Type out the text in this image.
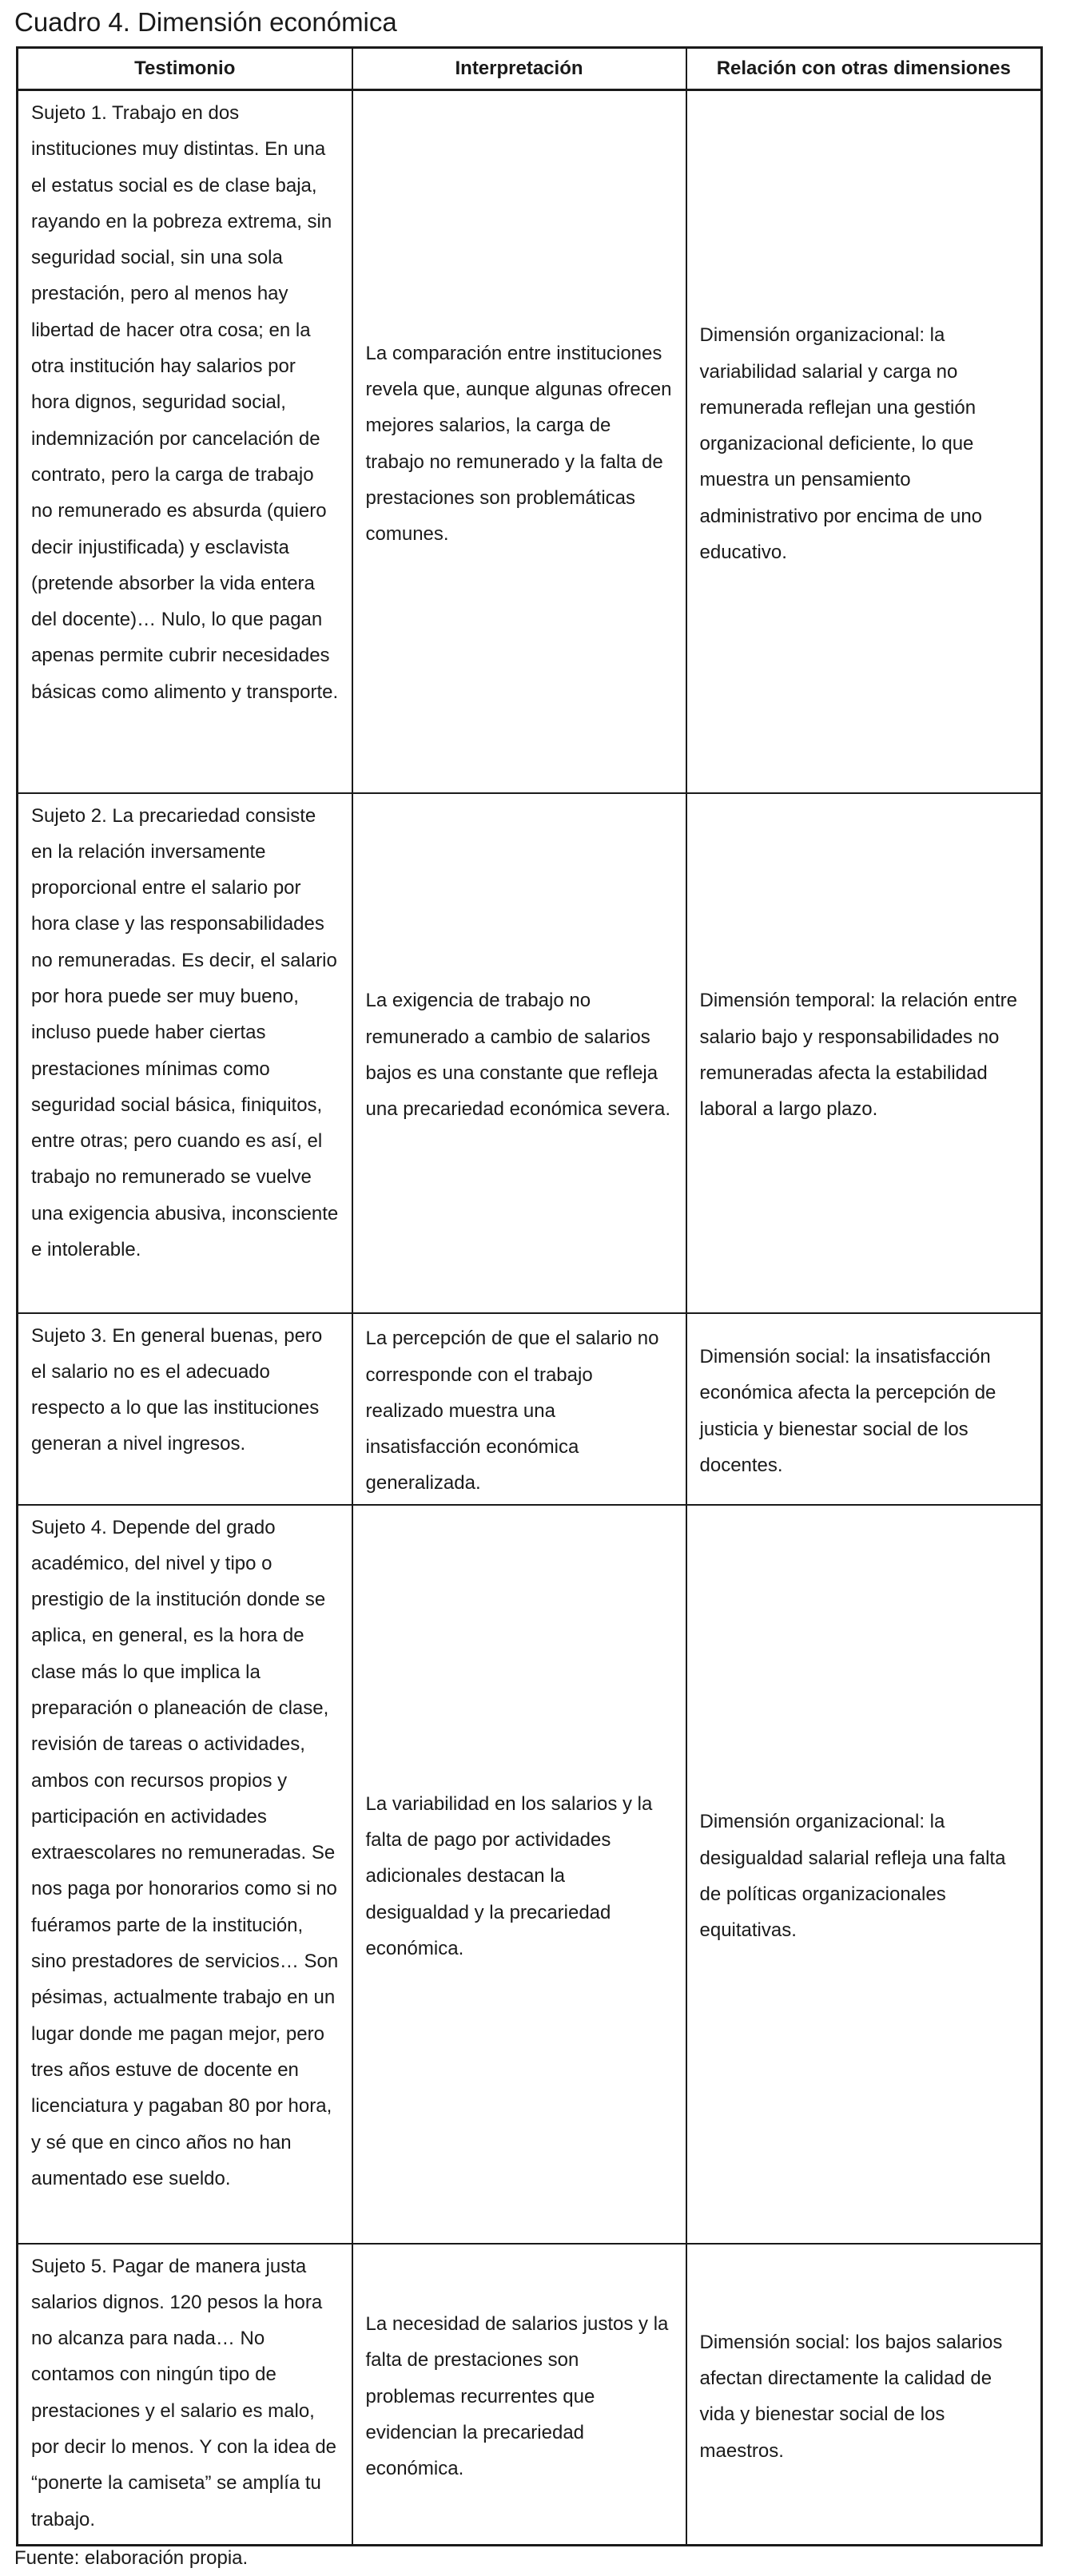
Cuadro 4. Dimensión económica
Testimonio	Interpretación	Relación con otras dimensiones
Sujeto 1. Trabajo en dos instituciones muy distintas. En una el estatus social es de clase baja, rayando en la pobreza extrema, sin seguridad social, sin una sola prestación, pero al menos hay libertad de hacer otra cosa; en la otra institución hay salarios por hora dignos, seguridad social, indemnización por cancelación de contrato, pero la carga de trabajo no remunerado es absurda (quiero decir injustificada) y esclavista (pretende absorber la vida entera del docente)… Nulo, lo que pagan apenas permite cubrir necesidades básicas como alimento y transporte.	La comparación entre instituciones revela que, aunque algunas ofrecen mejores salarios, la carga de trabajo no remunerado y la falta de prestaciones son problemáticas comunes.	Dimensión organizacional: la variabilidad salarial y carga no remunerada reflejan una gestión organizacional deficiente, lo que muestra un pensamiento administrativo por encima de uno educativo.
Sujeto 2. La precariedad consiste en la relación inversamente proporcional entre el salario por hora clase y las responsabilidades no remuneradas. Es decir, el salario por hora puede ser muy bueno, incluso puede haber ciertas prestaciones mínimas como seguridad social básica, finiquitos, entre otras; pero cuando es así, el trabajo no remunerado se vuelve una exigencia abusiva, inconsciente e intolerable.	La exigencia de trabajo no remunerado a cambio de salarios bajos es una constante que refleja una precariedad económica severa.	Dimensión temporal: la relación entre salario bajo y responsabilidades no remuneradas afecta la estabilidad laboral a largo plazo.
Sujeto 3. En general buenas, pero el salario no es el adecuado respecto a lo que las instituciones generan a nivel ingresos.	La percepción de que el salario no corresponde con el trabajo realizado muestra una insatisfacción económica generalizada.	Dimensión social: la insatisfacción económica afecta la percepción de justicia y bienestar social de los docentes.
Sujeto 4. Depende del grado académico, del nivel y tipo o prestigio de la institución donde se aplica, en general, es la hora de clase más lo que implica la preparación o planeación de clase, revisión de tareas o actividades, ambos con recursos propios y participación en actividades extraescolares no remuneradas. Se nos paga por honorarios como si no fuéramos parte de la institución, sino prestadores de servicios… Son pésimas, actualmente trabajo en un lugar donde me pagan mejor, pero tres años estuve de docente en licenciatura y pagaban 80 por hora, y sé que en cinco años no han aumentado ese sueldo.	La variabilidad en los salarios y la falta de pago por actividades adicionales destacan la desigualdad y la precariedad económica.	Dimensión organizacional: la desigualdad salarial refleja una falta de políticas organizacionales equitativas.
Sujeto 5. Pagar de manera justa salarios dignos. 120 pesos la hora no alcanza para nada… No contamos con ningún tipo de prestaciones y el salario es malo, por decir lo menos. Y con la idea de “ponerte la camiseta” se amplía tu trabajo.	La necesidad de salarios justos y la falta de prestaciones son problemas recurrentes que evidencian la precariedad económica.	Dimensión social: los bajos salarios afectan directamente la calidad de vida y bienestar social de los maestros.
Fuente: elaboración propia.
